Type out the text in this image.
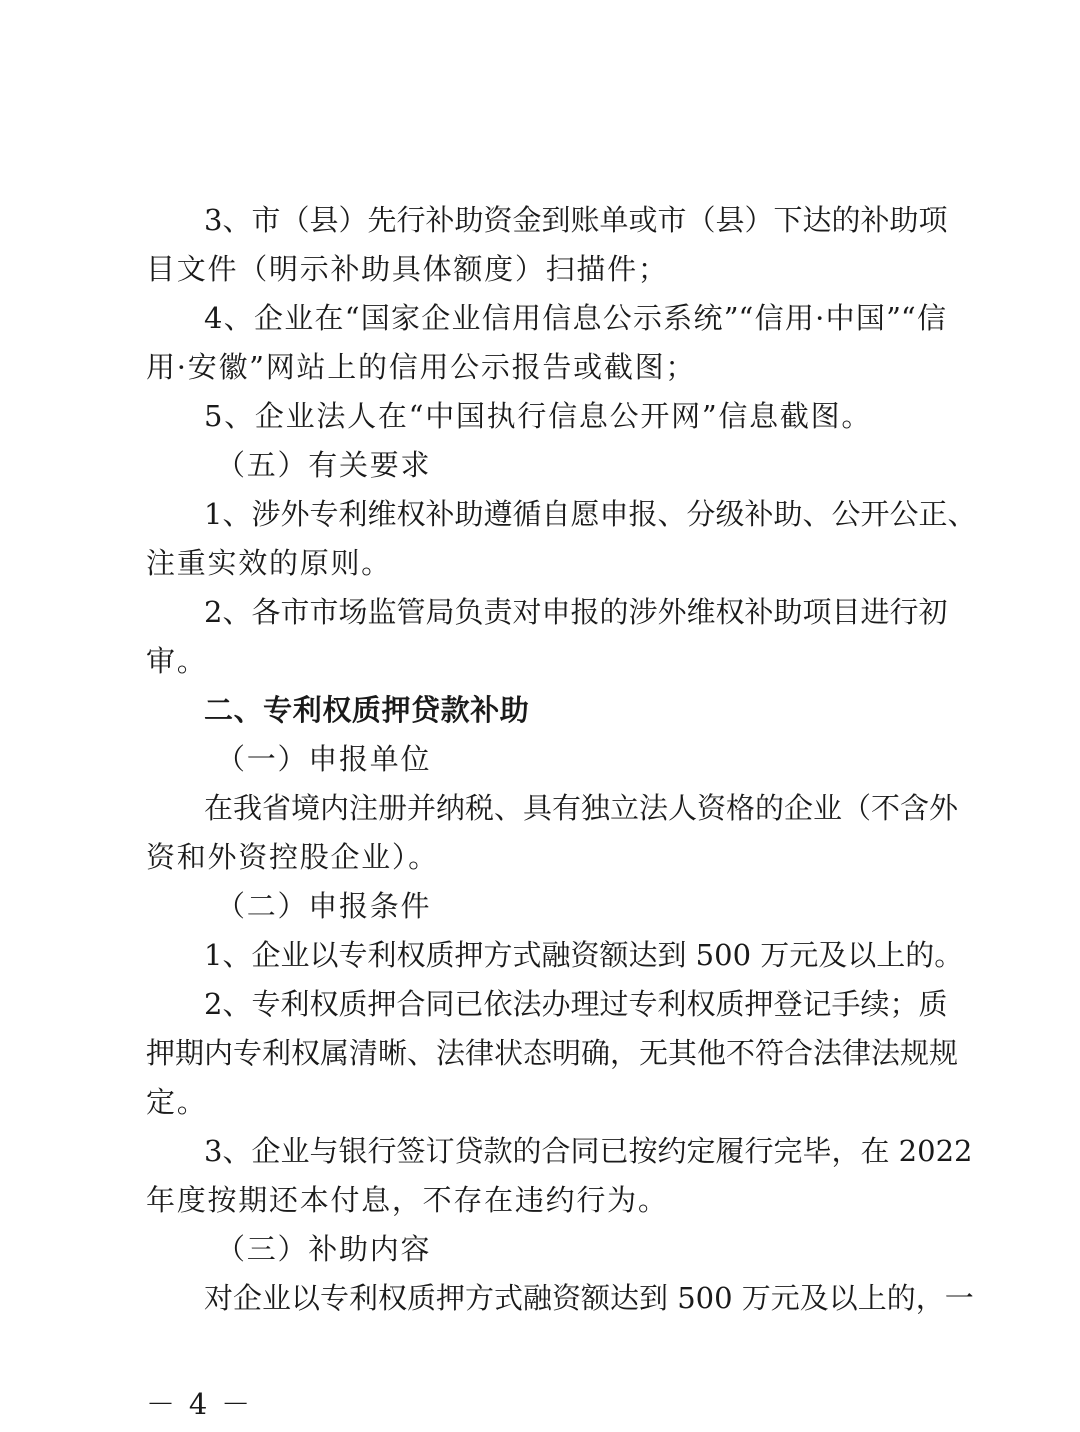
3、市（县）先行补助资金到账单或市（县）下达的补助项
目文件（明示补助具体额度）扫描件；
4、企业在“国家企业信用信息公示系统”“信用·中国”“信
用·安徽”网站上的信用公示报告或截图；
5、企业法人在“中国执行信息公开网”信息截图。
（五）有关要求
1、涉外专利维权补助遵循自愿申报、分级补助、公开公正、
注重实效的原则。
2、各市市场监管局负责对申报的涉外维权补助项目进行初
审。
二、专利权质押贷款补助
（一）申报单位
在我省境内注册并纳税、具有独立法人资格的企业（不含外
资和外资控股企业）。
（二）申报条件
1、企业以专利权质押方式融资额达到 500 万元及以上的。
2、专利权质押合同已依法办理过专利权质押登记手续；质
押期内专利权属清晰、法律状态明确，无其他不符合法律法规规
定。
3、企业与银行签订贷款的合同已按约定履行完毕，在 2022
年度按期还本付息，不存在违约行为。
（三）补助内容
对企业以专利权质押方式融资额达到 500 万元及以上的，一
－ 4 －
